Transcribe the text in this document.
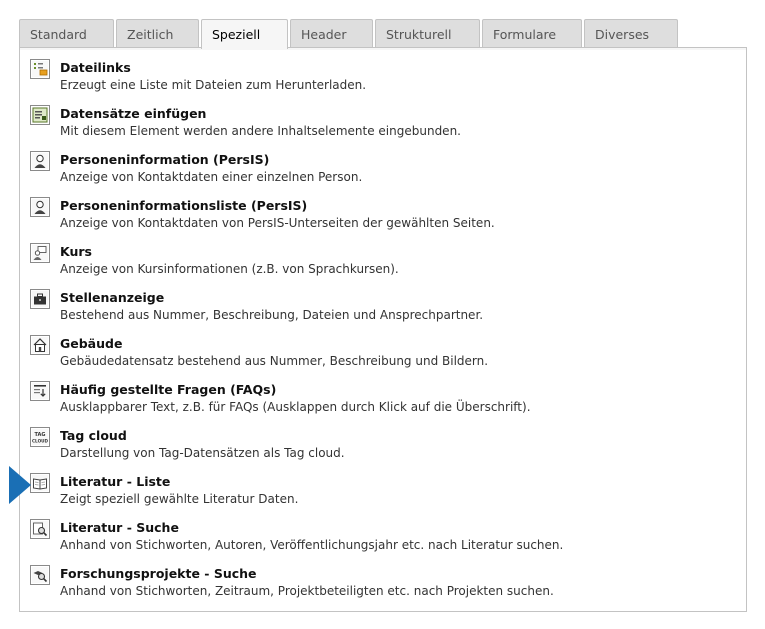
Standard	Zeitlich	Speziell	Header	Strukturell	Formulare	Diverses
Dateilinks
Erzeugt eine Liste mit Dateien zum Herunterladen.
Datensätze einfügen
Mit diesem Element werden andere Inhaltselemente eingebunden.
Personeninformation (PersIS)
Anzeige von Kontaktdaten einer einzelnen Person.
Personeninformationsliste (PersIS)
Anzeige von Kontaktdaten von PersIS-Unterseiten der gewählten Seiten.
Kurs
Anzeige von Kursinformationen (z.B. von Sprachkursen).
Stellenanzeige
Bestehend aus Nummer, Beschreibung, Dateien und Ansprechpartner.
Gebäude
Gebäudedatensatz bestehend aus Nummer, Beschreibung und Bildern.
Häufig gestellte Fragen (FAQs)
Ausklappbarer Text, z.B. für FAQs (Ausklappen durch Klick auf die Überschrift).
TAG
CLOUD Tag cloud
Darstellung von Tag-Datensätzen als Tag cloud.
Literatur - Liste
Zeigt speziell gewählte Literatur Daten.
Literatur - Suche
Anhand von Stichworten, Autoren, Veröffentlichungsjahr etc. nach Literatur suchen.
Forschungsprojekte - Suche
Anhand von Stichworten, Zeitraum, Projektbeteiligten etc. nach Projekten suchen.
